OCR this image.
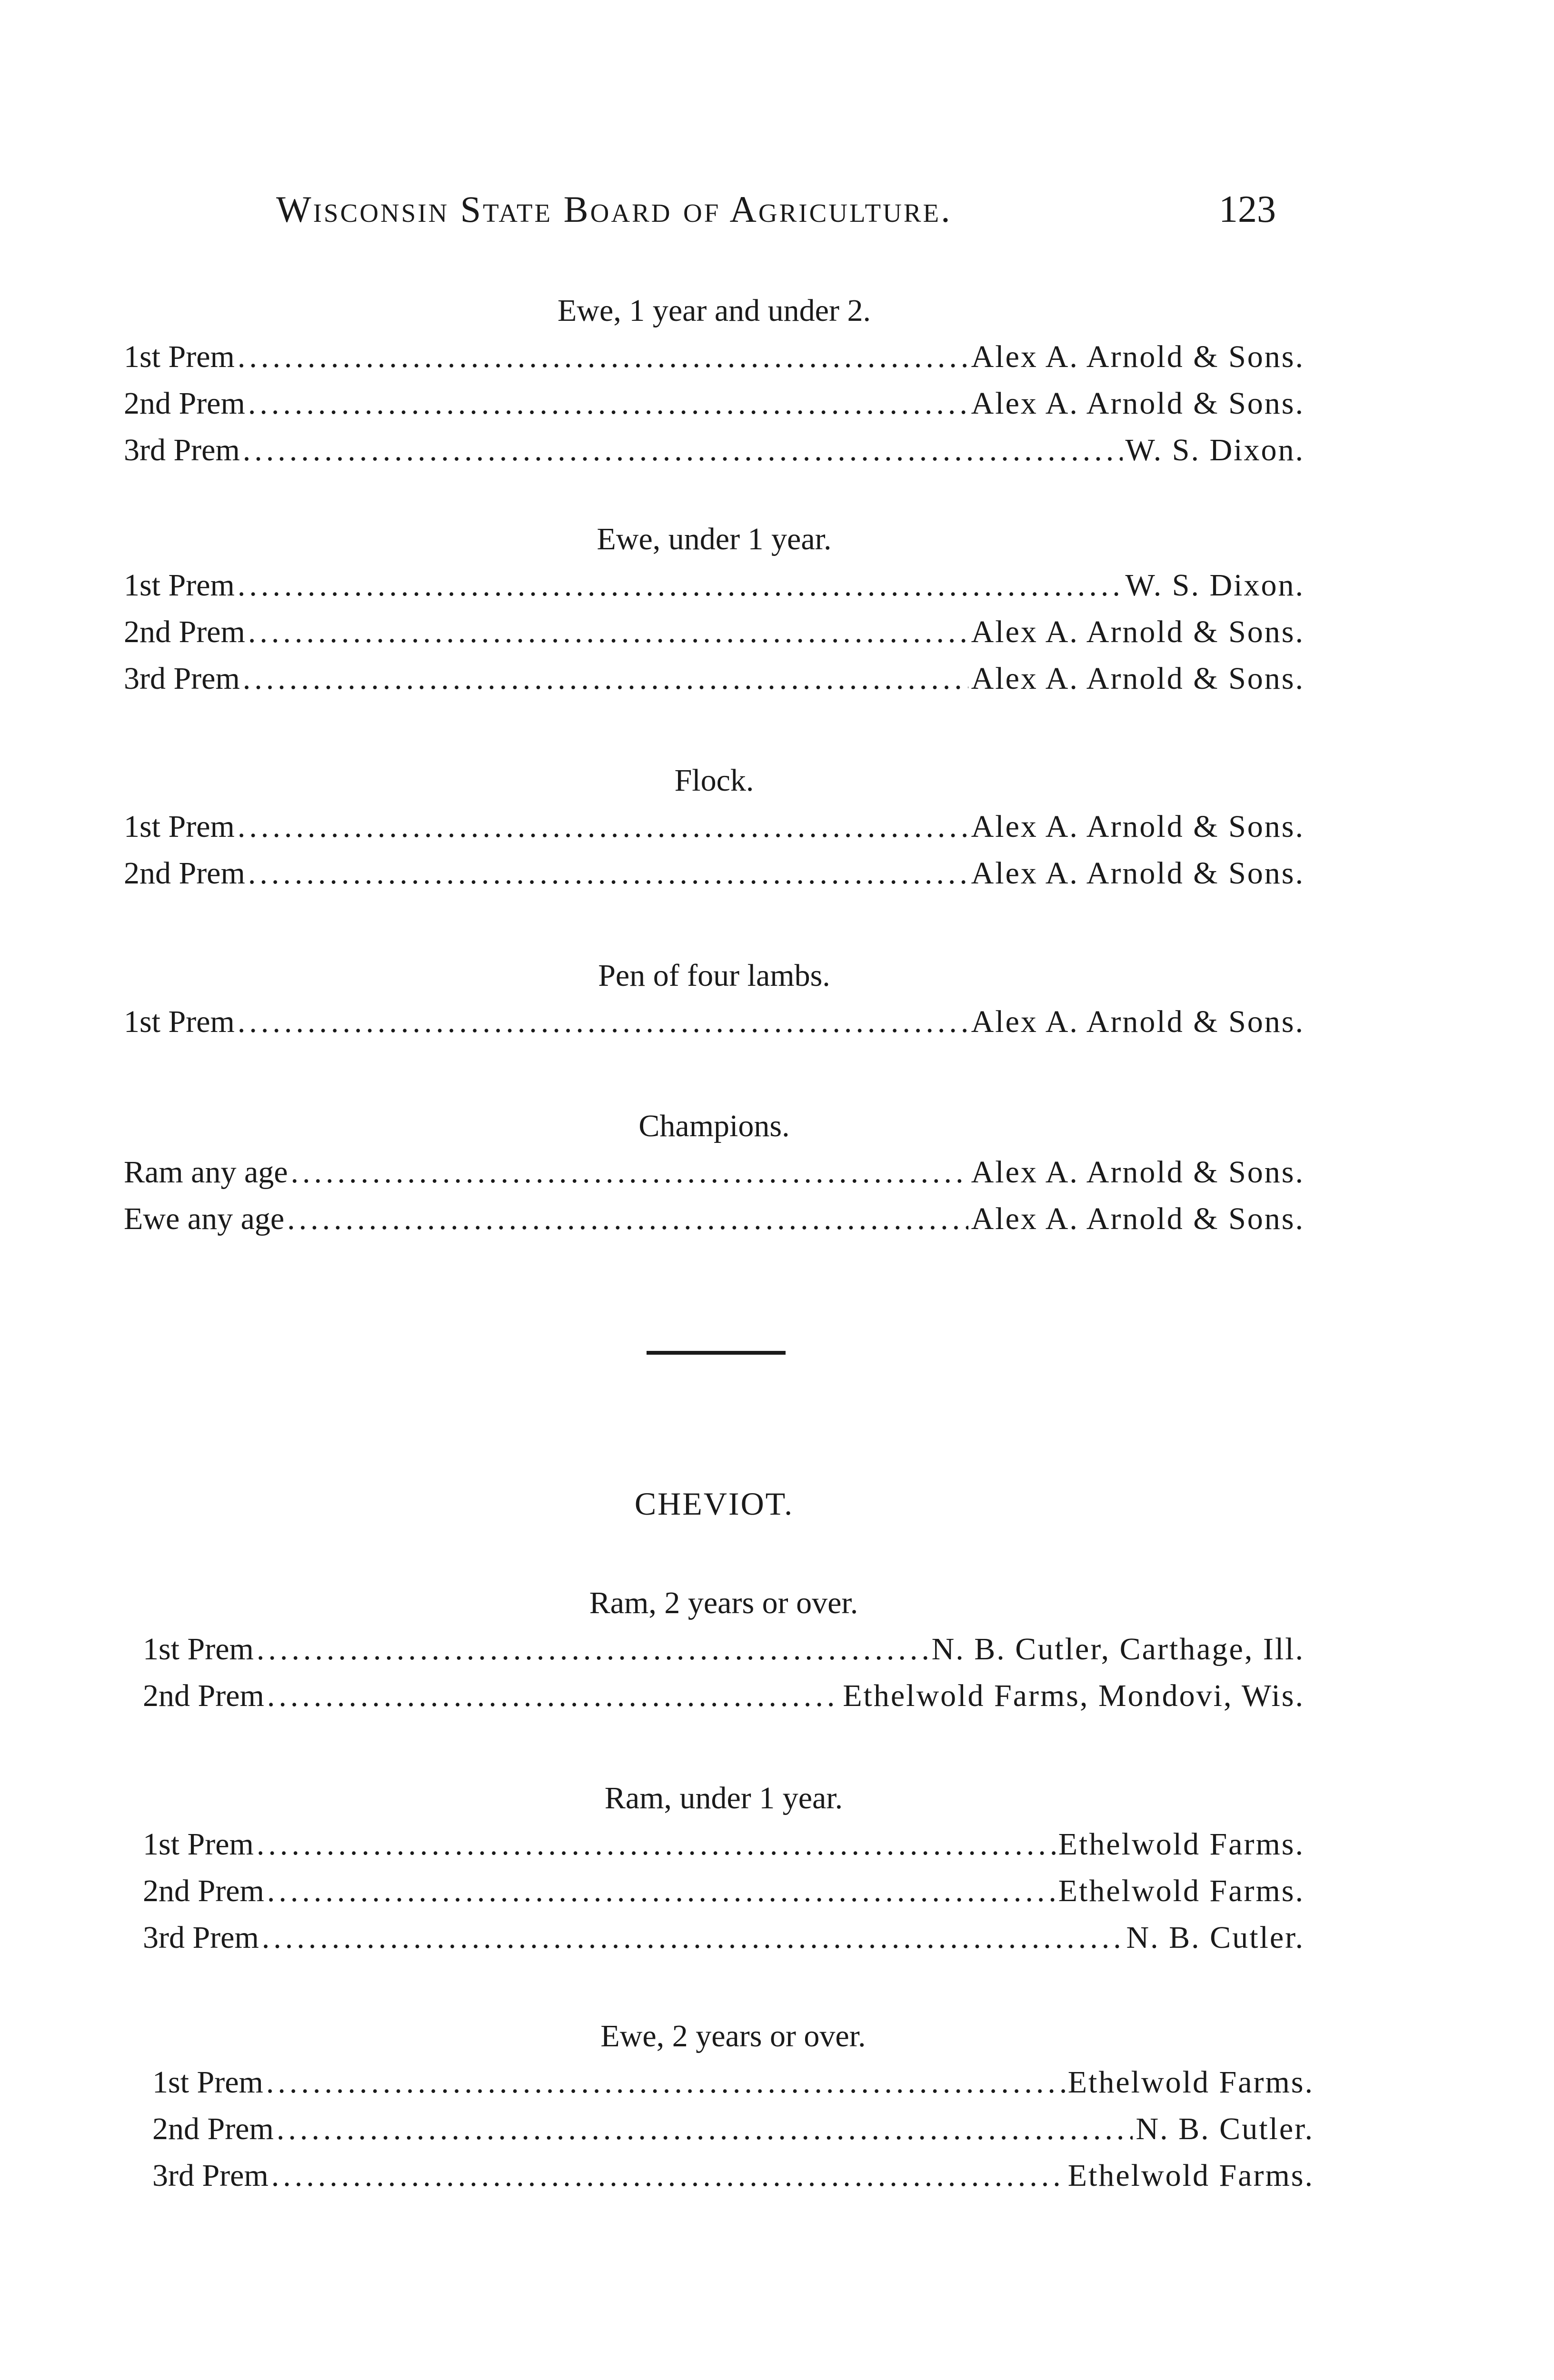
Wisconsin State Board of Agriculture.	123
Ewe, 1 year and under 2.
1st Prem .....	Alex A. Arnold & Sons.
2nd Prem .....	Alex A. Arnold & Sons.
3rd Prem .....	W. S. Dixon.
Ewe, under 1 year.
1st Prem .....	W. S. Dixon.
2nd Prem .....	Alex A. Arnold & Sons.
3rd Prem .....	Alex A. Arnold & Sons.
Flock.
1st Prem .....	Alex A. Arnold & Sons.
2nd Prem .....	Alex A. Arnold & Sons.
Pen of four lambs.
1st Prem .....	Alex A. Arnold & Sons.
Champions.
Ram any age .....	Alex A. Arnold & Sons.
Ewe any age .....	Alex A. Arnold & Sons.
CHEVIOT.
Ram, 2 years or over.
1st Prem .....	N. B. Cutler, Carthage, Ill.
2nd Prem .....	Ethelwold Farms, Mondovi, Wis.
Ram, under 1 year.
1st Prem .....	Ethelwold Farms.
2nd Prem .....	Ethelwold Farms.
3rd Prem .....	N. B. Cutler.
Ewe, 2 years or over.
1st Prem .....	Ethelwold Farms.
2nd Prem .....	N. B. Cutler.
3rd Prem .....	Ethelwold Farms.
